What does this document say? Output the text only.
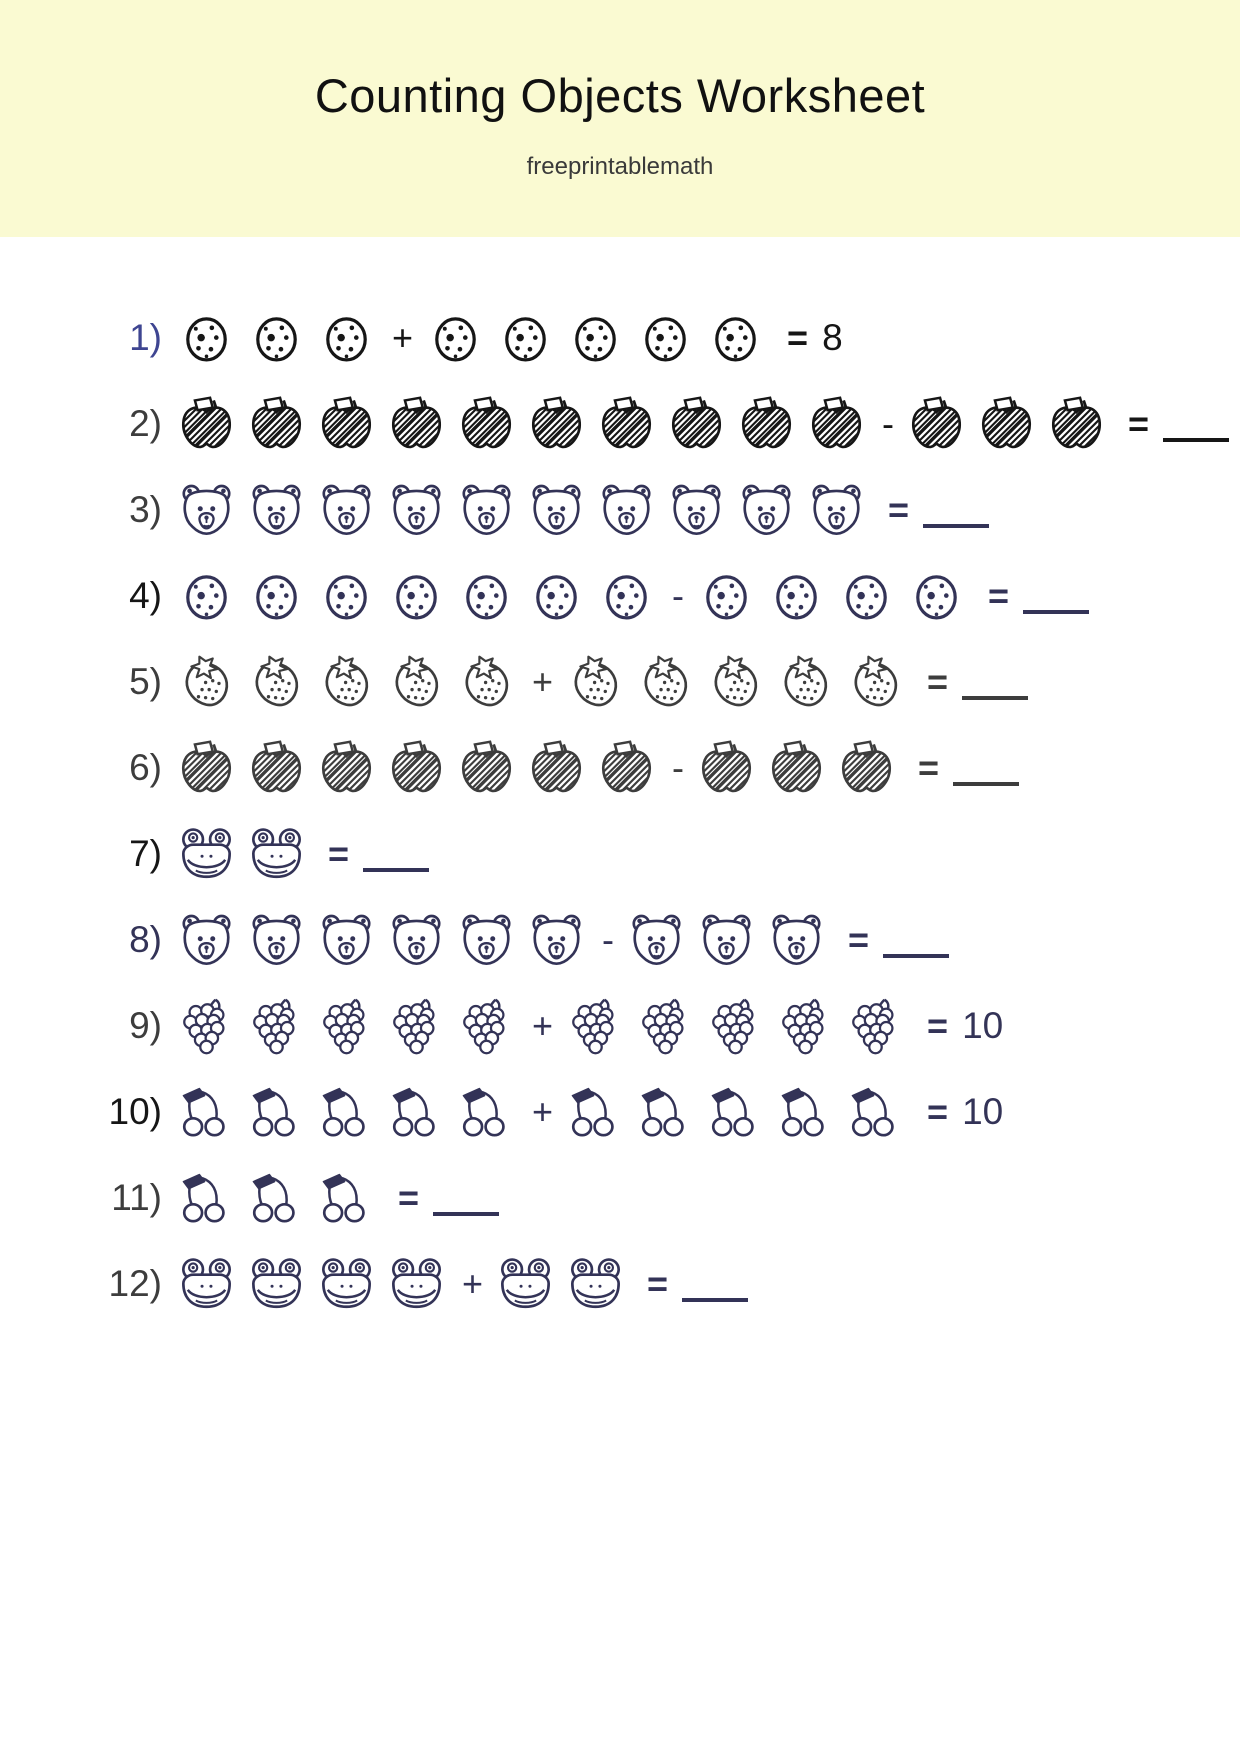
Counting Objects Worksheet
freeprintablemath
1)	+	= 8
2)	-	=
3)	=
4)	-	=
5)	+	=
6)	-	=
7)	=
8)	-	=
9)	+	= 10
10)	+	= 10
11)	=
12)	+	=
